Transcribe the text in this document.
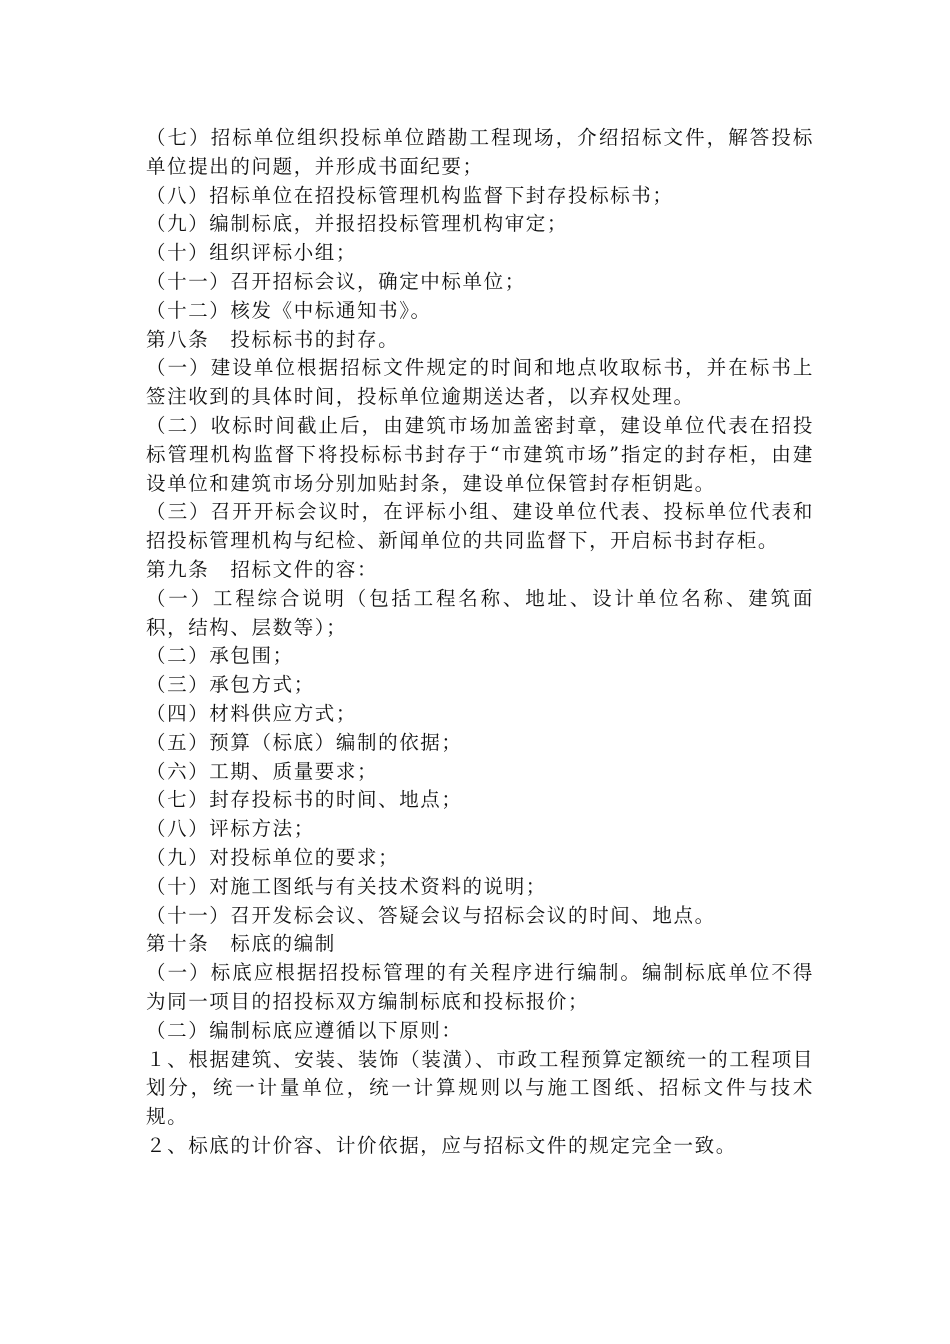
（七）招标单位组织投标单位踏勘工程现场，介绍招标文件，解答投标单位提出的问题，并形成书面纪要；

（八）招标单位在招投标管理机构监督下封存投标标书；

（九）编制标底，并报招投标管理机构审定；

（十）组织评标小组；

（十一）召开招标会议，确定中标单位；

（十二）核发《中标通知书》。

第八条　投标标书的封存。

（一）建设单位根据招标文件规定的时间和地点收取标书，并在标书上签注收到的具体时间，投标单位逾期送达者，以弃权处理。

（二）收标时间截止后，由建筑市场加盖密封章，建设单位代表在招投标管理机构监督下将投标标书封存于“市建筑市场”指定的封存柜，由建设单位和建筑市场分别加贴封条，建设单位保管封存柜钥匙。

（三）召开开标会议时，在评标小组、建设单位代表、投标单位代表和招投标管理机构与纪检、新闻单位的共同监督下，开启标书封存柜。

第九条　招标文件的容：

（一）工程综合说明（包括工程名称、地址、设计单位名称、建筑面积，结构、层数等）；

（二）承包围；

（三）承包方式；

（四）材料供应方式；

（五）预算（标底）编制的依据；

（六）工期、质量要求；

（七）封存投标书的时间、地点；

（八）评标方法；

（九）对投标单位的要求；

（十）对施工图纸与有关技术资料的说明；

（十一）召开发标会议、答疑会议与招标会议的时间、地点。

第十条　标底的编制

（一）标底应根据招投标管理的有关程序进行编制。编制标底单位不得为同一项目的招投标双方编制标底和投标报价；

（二）编制标底应遵循以下原则：

１、根据建筑、安装、装饰（装潢）、市政工程预算定额统一的工程项目划分，统一计量单位，统一计算规则以与施工图纸、招标文件与技术规。

２、标底的计价容、计价依据，应与招标文件的规定完全一致。
